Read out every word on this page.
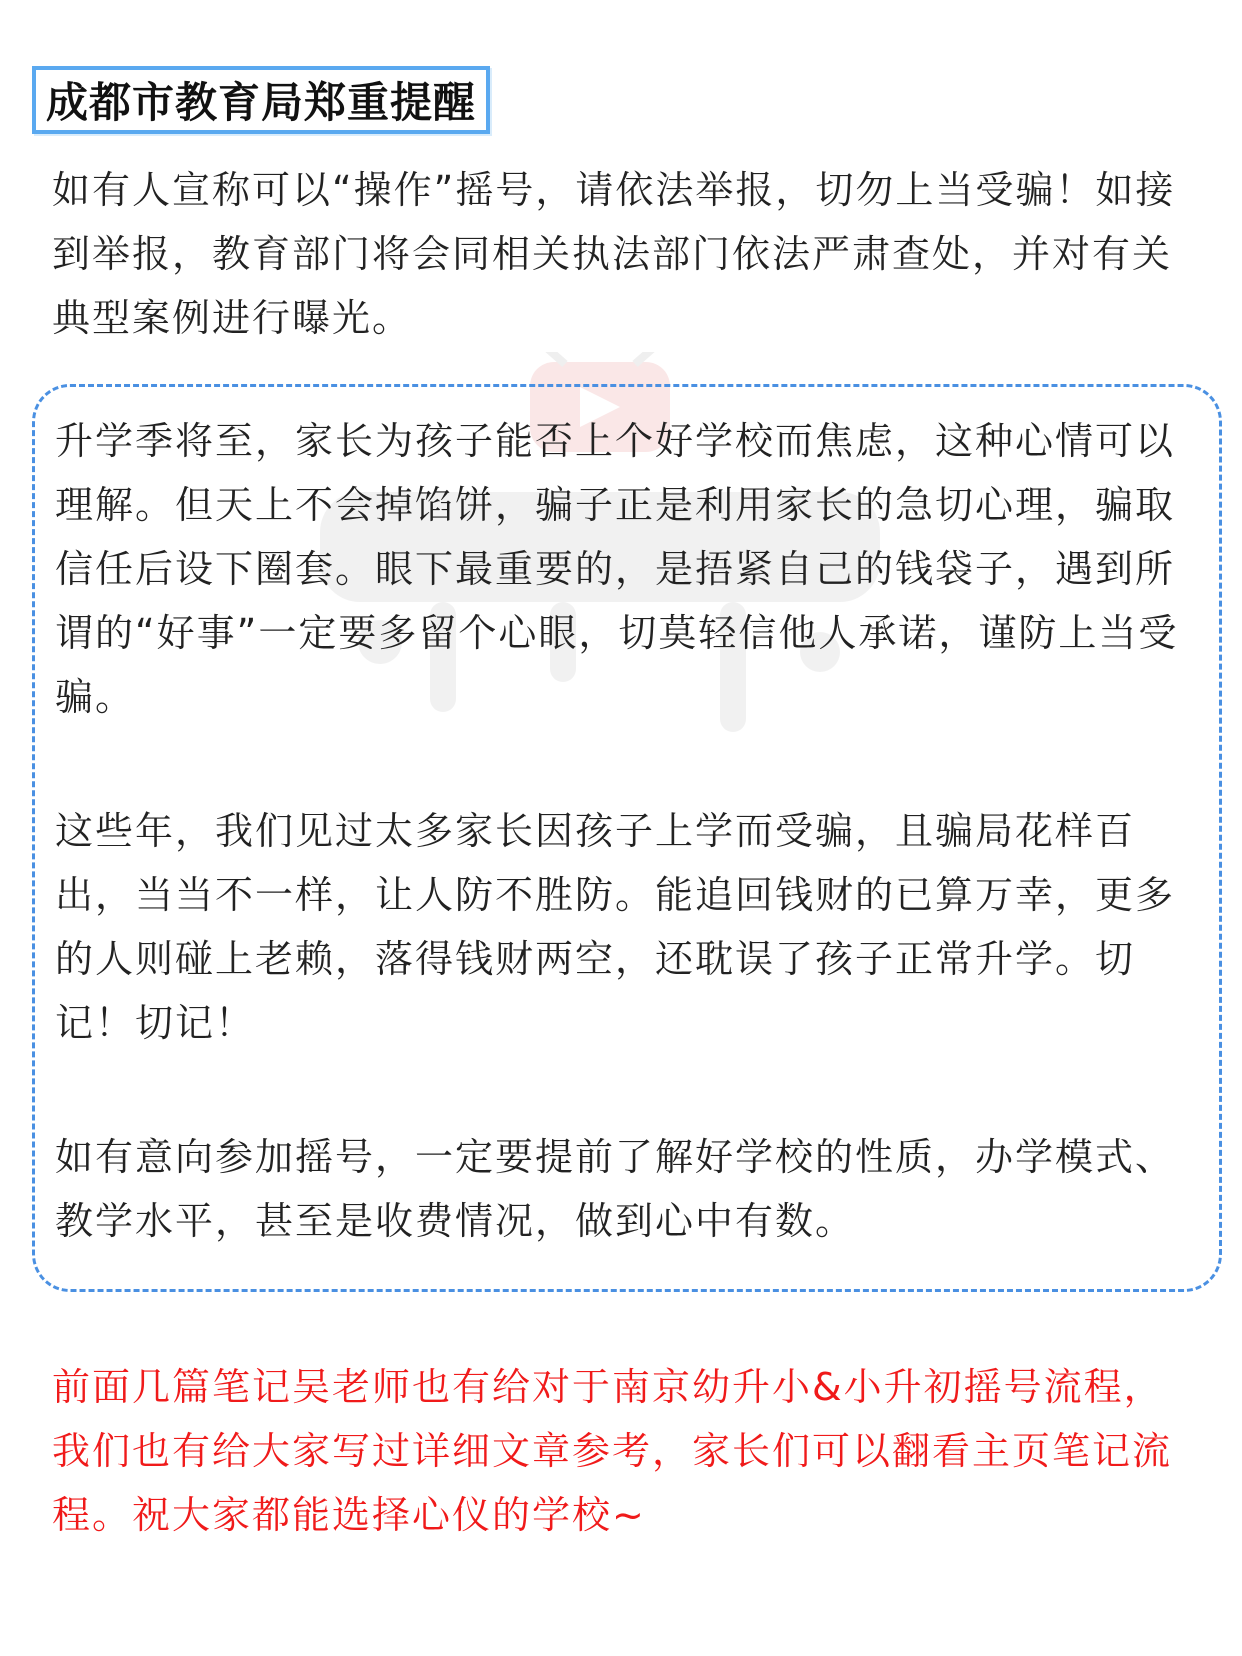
成都市教育局郑重提醒

如有人宣称可以“操作”摇号，请依法举报，切勿上当受骗！如接到举报，教育部门将会同相关执法部门依法严肃查处，并对有关典型案例进行曝光。

升学季将至，家长为孩子能否上个好学校而焦虑，这种心情可以理解。但天上不会掉馅饼，骗子正是利用家长的急切心理，骗取信任后设下圈套。眼下最重要的，是捂紧自己的钱袋子，遇到所谓的“好事”一定要多留个心眼，切莫轻信他人承诺，谨防上当受骗。

这些年，我们见过太多家长因孩子上学而受骗，且骗局花样百出，当当不一样，让人防不胜防。能追回钱财的已算万幸，更多的人则碰上老赖，落得钱财两空，还耽误了孩子正常升学。切记！切记！

如有意向参加摇号，一定要提前了解好学校的性质，办学模式、教学水平，甚至是收费情况，做到心中有数。

前面几篇笔记吴老师也有给对于南京幼升小&小升初摇号流程，我们也有给大家写过详细文章参考，家长们可以翻看主页笔记流程。祝大家都能选择心仪的学校~
